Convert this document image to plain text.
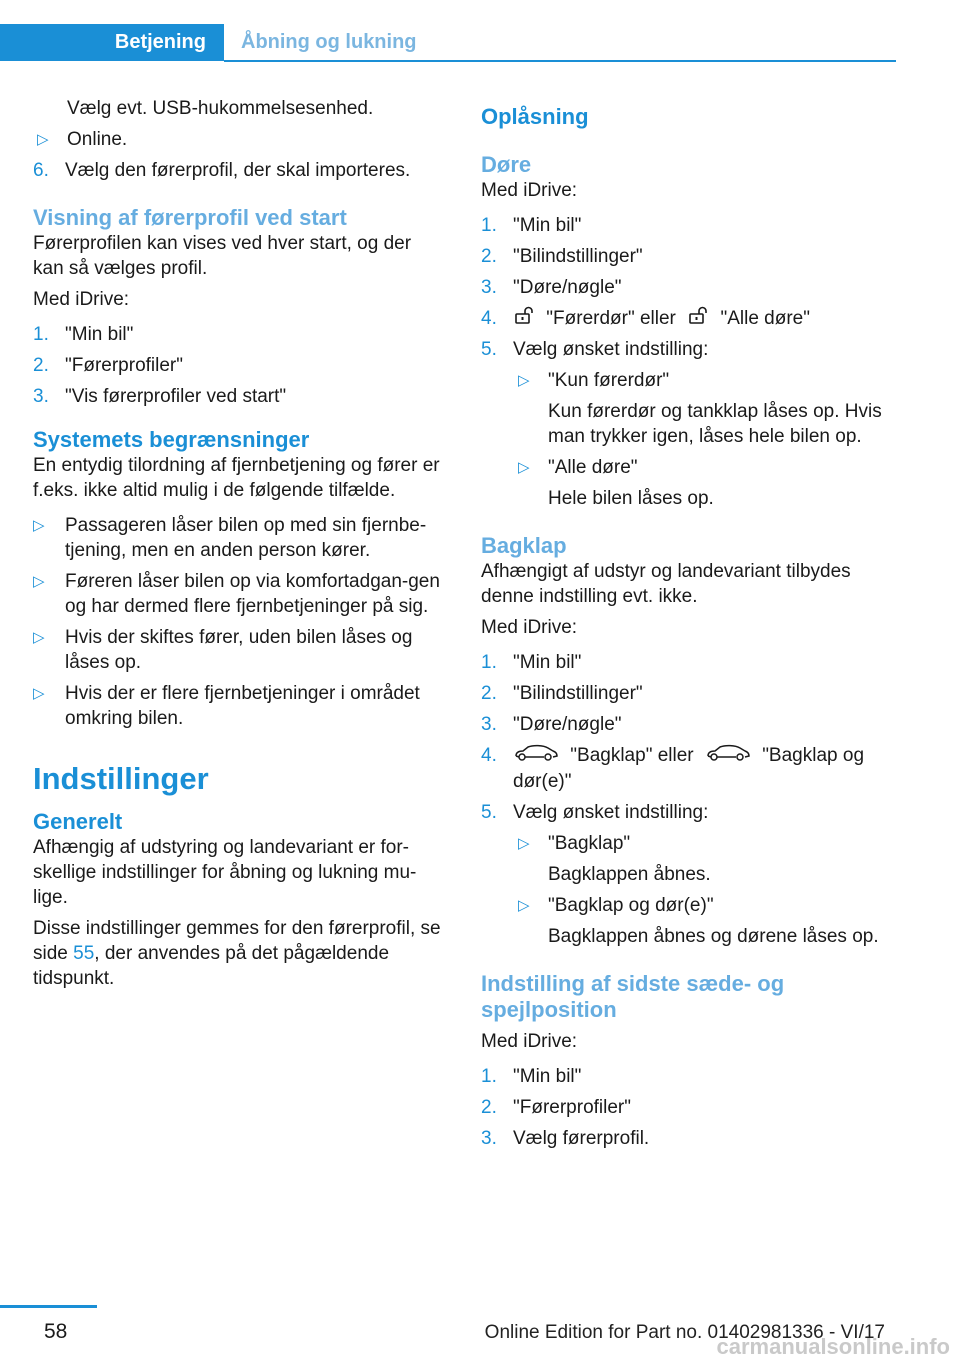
Betjening	Åbning og lukning

Vælg evt. USB-hukommelsesenhed.

▷ Online.
6. Vælg den førerprofil, der skal importeres.
Visning af førerprofil ved start

Førerprofilen kan vises ved hver start, og der kan så vælges profil.

Med iDrive:

1. "Min bil"
2. "Førerprofiler"
3. "Vis førerprofiler ved start"
Systemets begrænsninger

En entydig tilordning af fjernbetjening og fører er f.eks. ikke altid mulig i de følgende tilfælde.

▷ Passageren låser bilen op med sin fjernbe‐tjening, men en anden person kører.
▷ Føreren låser bilen op via komfortadgan‐gen og har dermed flere fjernbetjeninger på sig.
▷ Hvis der skiftes fører, uden bilen låses og låses op.
▷ Hvis der er flere fjernbetjeninger i området omkring bilen.
Indstillinger
Generelt

Afhængig af udstyring og landevariant er for‐skellige indstillinger for åbning og lukning mu‐lige.

Disse indstillinger gemmes for den førerprofil, se side 55, der anvendes på det pågældende tidspunkt.

Oplåsning
Døre

Med iDrive:

1. "Min bil"
2. "Bilindstillinger"
3. "Døre/nøgle"
4.	"Førerdør" eller "Alle døre"
5. Vælg ønsket indstilling:
▷ "Kun førerdør"

Kun førerdør og tankklap låses op. Hvis man trykker igen, låses hele bilen op.

▷ "Alle døre"

Hele bilen låses op.

Bagklap

Afhængigt af udstyr og landevariant tilbydes denne indstilling evt. ikke.

Med iDrive:

1. "Min bil"
2. "Bilindstillinger"
3. "Døre/nøgle"
4.	"Bagklap" eller	"Bagklap og dør(e)"
5. Vælg ønsket indstilling:
▷ "Bagklap"

Bagklappen åbnes.

▷ "Bagklap og dør(e)"

Bagklappen åbnes og dørene låses op.

Indstilling af sidste sæde- og spejlposition

Med iDrive:

1. "Min bil"
2. "Førerprofiler"
3. Vælg førerprofil.
58	Online Edition for Part no. 01402981336 - VI/17
carmanualsonline.info
